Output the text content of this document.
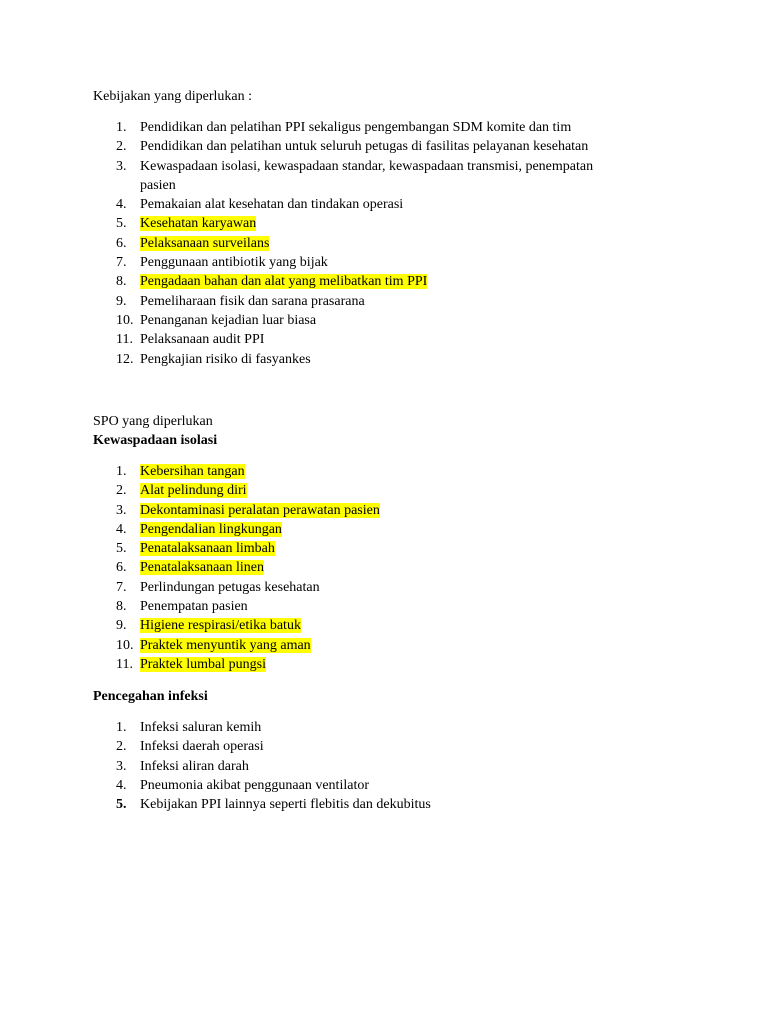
Kebijakan yang diperlukan :
1. Pendidikan dan pelatihan PPI sekaligus pengembangan SDM komite dan tim
2. Pendidikan dan pelatihan untuk seluruh petugas di fasilitas pelayanan kesehatan
3. Kewaspadaan isolasi, kewaspadaan standar, kewaspadaan transmisi, penempatan
pasien
4. Pemakaian alat kesehatan dan tindakan operasi
5. Kesehatan karyawan
6. Pelaksanaan surveilans
7. Penggunaan antibiotik yang bijak
8. Pengadaan bahan dan alat yang melibatkan tim PPI
9. Pemeliharaan fisik dan sarana prasarana
10. Penanganan kejadian luar biasa
11. Pelaksanaan audit PPI
12. Pengkajian risiko di fasyankes
SPO yang diperlukan
Kewaspadaan isolasi
1. Kebersihan tangan
2. Alat pelindung diri
3. Dekontaminasi peralatan perawatan pasien
4. Pengendalian lingkungan
5. Penatalaksanaan limbah
6. Penatalaksanaan linen
7. Perlindungan petugas kesehatan
8. Penempatan pasien
9. Higiene respirasi/etika batuk
10. Praktek menyuntik yang aman
11. Praktek lumbal pungsi
Pencegahan infeksi
1. Infeksi saluran kemih
2. Infeksi daerah operasi
3. Infeksi aliran darah
4. Pneumonia akibat penggunaan ventilator
5. Kebijakan PPI lainnya seperti flebitis dan dekubitus
